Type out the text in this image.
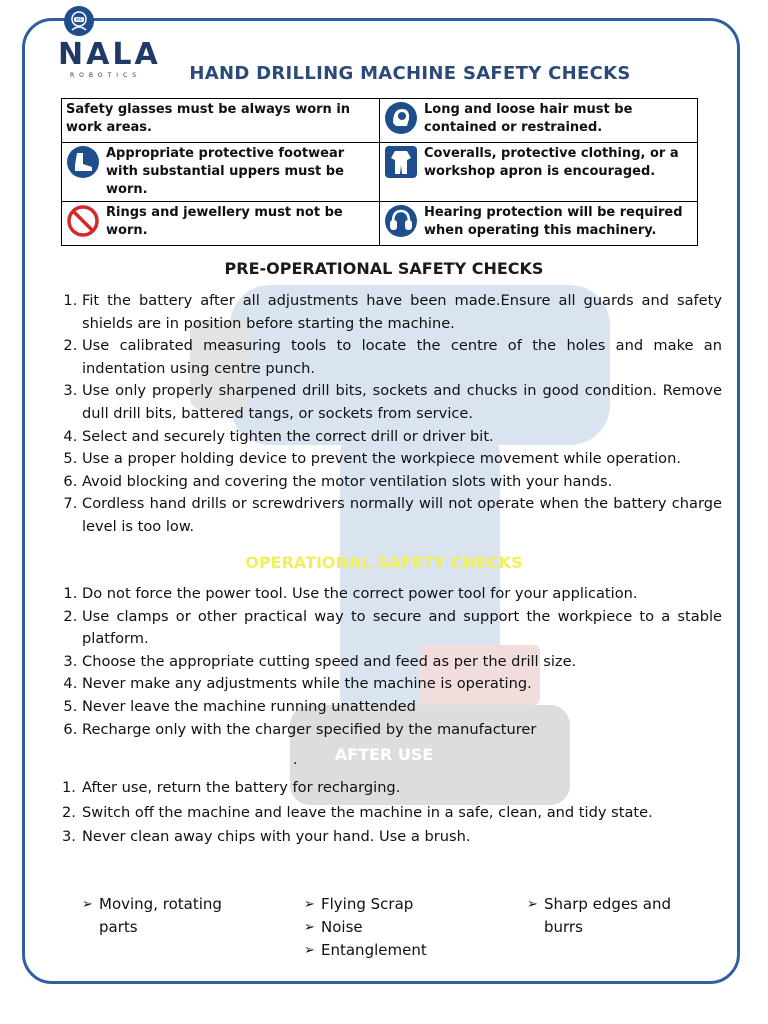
ME
NALA
ROBOTICS	HAND DRILLING MACHINE SAFETY CHECKS
Safety glasses must be always worn in work areas.	Long and loose hair must be contained or restrained.

Appropriate protective footwear with substantial uppers must be worn.	Coveralls, protective clothing, or a workshop apron is encouraged.

Rings and jewellery must not be worn.	Hearing protection will be required when operating this machinery.
PRE-OPERATIONAL SAFETY CHECKS
1. Fit the battery after all adjustments have been made.Ensure all guards and safety shields are in position before starting the machine.
2. Use calibrated measuring tools to locate the centre of the holes and make an indentation using centre punch.
3. Use only properly sharpened drill bits, sockets and chucks in good condition. Remove dull drill bits, battered tangs, or sockets from service.
4. Select and securely tighten the correct drill or driver bit.
5. Use a proper holding device to prevent the workpiece movement while operation.
6. Avoid blocking and covering the motor ventilation slots with your hands.
7. Cordless hand drills or screwdrivers normally will not operate when the battery charge level is too low.
OPERATIONAL SAFETY CHECKS
1. Do not force the power tool. Use the correct power tool for your application.
2. Use clamps or other practical way to secure and support the workpiece to a stable platform.
3. Choose the appropriate cutting speed and feed as per the drill size.
4. Never make any adjustments while the machine is operating.
5. Never leave the machine running unattended
6. Recharge only with the charger specified by the manufacturer
AFTER USE
.
1. After use, return the battery for recharging.
2. Switch off the machine and leave the machine in a safe, clean, and tidy state.
3. Never clean away chips with your hand. Use a brush.
POTENTIAL HAZARDS TO TAKE CARE
➢ Moving, rotating parts
➢ Flying Scrap
➢ Noise
➢ Entanglement
➢ Sharp edges and burrs
